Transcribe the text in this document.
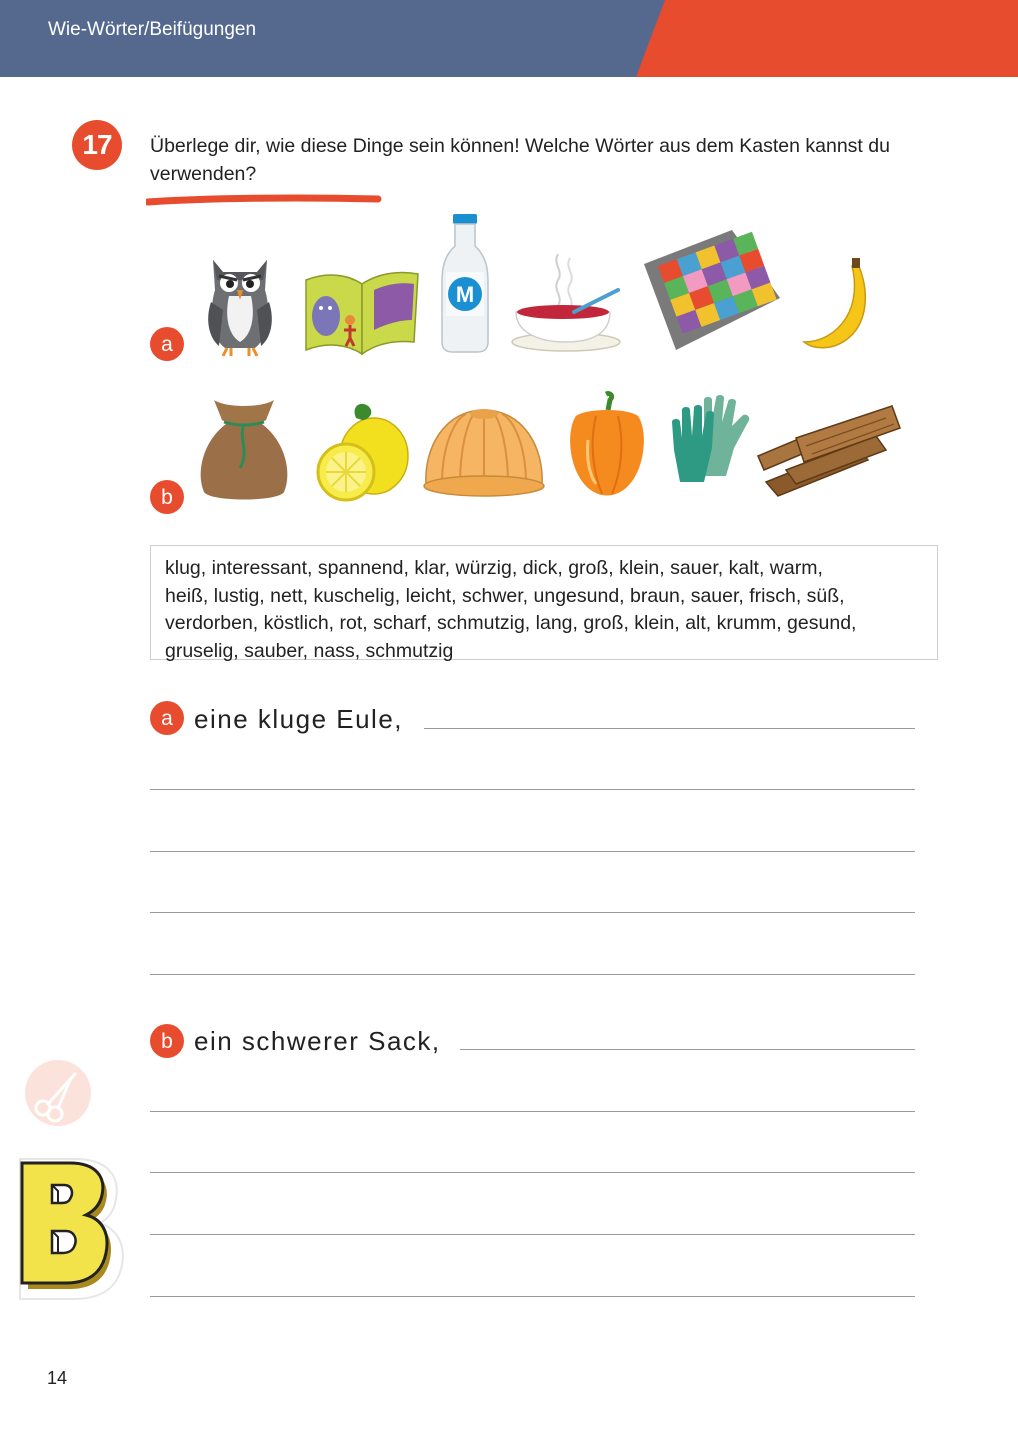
Wie-Wörter/Beifügungen
17	Überlege dir, wie diese Dinge sein können! Welche Wörter aus dem Kasten kannst du verwenden?
a
M
b
klug, interessant, spannend, klar, würzig, dick, groß, klein, sauer, kalt, warm,
heiß, lustig, nett, kuschelig, leicht, schwer, ungesund, braun, sauer, frisch, süß,
verdorben, köstlich, rot, scharf, schmutzig, lang, groß, klein, alt, krumm, gesund,
gruselig, sauber, nass, schmutzig
a eine kluge Eule,
b ein schwerer Sack,
14
